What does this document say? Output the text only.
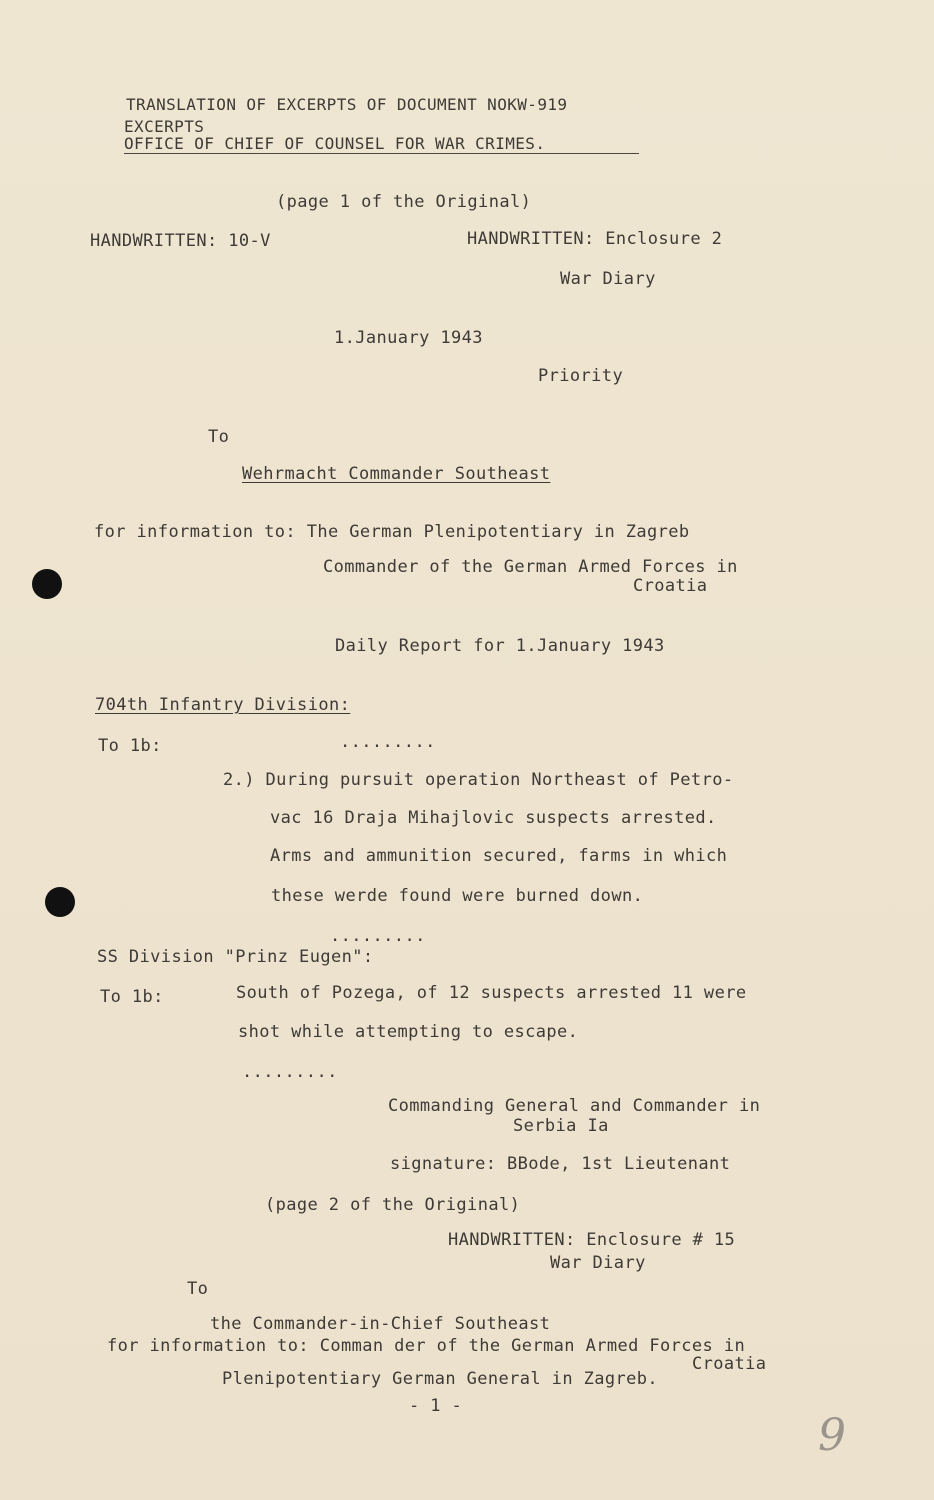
TRANSLATION OF EXCERPTS OF DOCUMENT NOKW-919
EXCERPTS
OFFICE OF CHIEF OF COUNSEL FOR WAR CRIMES.
(page 1 of the Original)
HANDWRITTEN: 10-V	HANDWRITTEN: Enclosure 2
War Diary
1.January 1943
Priority
To
Wehrmacht Commander Southeast
for information to: The German Plenipotentiary in Zagreb
Commander of the German Armed Forces in
Croatia
Daily Report for 1.January 1943
704th Infantry Division:
To 1b:	.........
2.) During pursuit operation Northeast of Petro-
vac 16 Draja Mihajlovic suspects arrested.
Arms and ammunition secured, farms in which
these werde found were burned down.
.........
SS Division "Prinz Eugen":
To 1b:	South of Pozega, of 12 suspects arrested 11 were
shot while attempting to escape.
.........
Commanding General and Commander in
Serbia Ia
signature: BBode, 1st Lieutenant
(page 2 of the Original)
HANDWRITTEN: Enclosure # 15
War Diary
To
the Commander-in-Chief Southeast
for information to: Comman der of the German Armed Forces in
Croatia
Plenipotentiary German General in Zagreb.
- 1 -
9
